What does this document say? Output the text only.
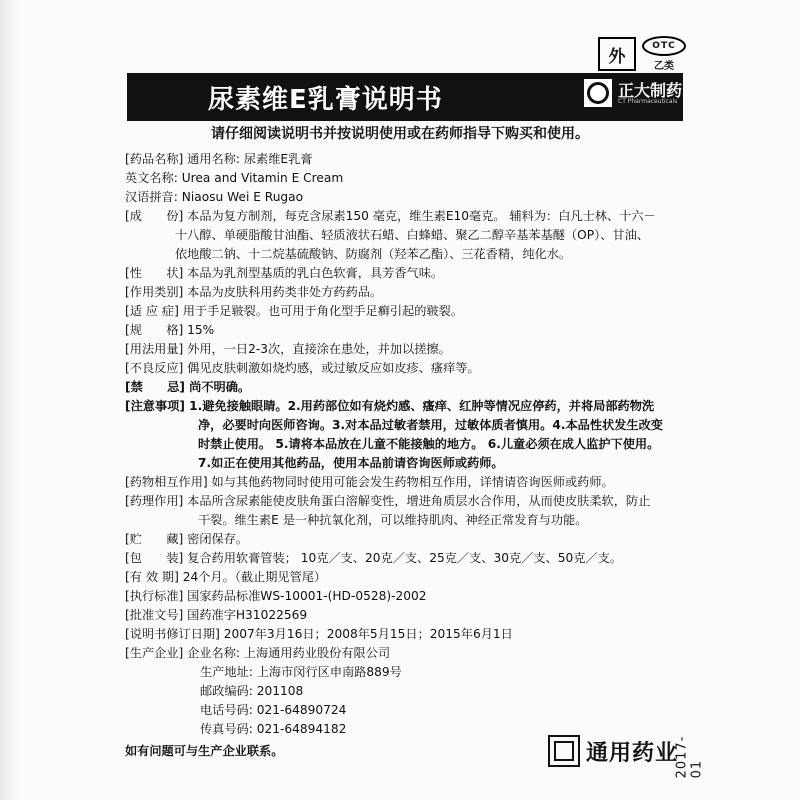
外
OTC
乙类
尿素维E乳膏说明书	正大制药
CT Pharmaceuticals
请仔细阅读说明书并按说明使用或在药师指导下购买和使用。
[药品名称] 通用名称: 尿素维E乳膏
英文名称: Urea and Vitamin E Cream
汉语拼音: Niaosu Wei E Rugao
[成　　份] 本品为复方制剂，每克含尿素150 毫克，维生素E10毫克。 辅料为：白凡士林、十六－
十八醇、单硬脂酸甘油酯、轻质液状石蜡、白蜂蜡、聚乙二醇辛基苯基醚（OP）、甘油、
依地酸二钠、十二烷基硫酸钠、防腐剂（羟苯乙酯）、三花香精，纯化水。
[性　　状] 本品为乳剂型基质的乳白色软膏，具芳香气味。
[作用类别] 本品为皮肤科用药类非处方药药品。
[适 应 症] 用于手足皲裂。也可用于角化型手足癣引起的皲裂。
[规　　格] 15%
[用法用量] 外用，一日2-3次，直接涂在患处，并加以搓擦。
[不良反应] 偶见皮肤刺激如烧灼感，或过敏反应如皮疹、瘙痒等。
[禁　　忌] 尚不明确。
[注意事项] 1.避免接触眼睛。2.用药部位如有烧灼感、瘙痒、红肿等情况应停药，并将局部药物洗
净，必要时向医师咨询。3.对本品过敏者禁用，过敏体质者慎用。4.本品性状发生改变
时禁止使用。 5.请将本品放在儿童不能接触的地方。 6.儿童必须在成人监护下使用。
7.如正在使用其他药品，使用本品前请咨询医师或药师。
[药物相互作用] 如与其他药物同时使用可能会发生药物相互作用，详情请咨询医师或药师。
[药理作用] 本品所含尿素能使皮肤角蛋白溶解变性，增进角质层水合作用，从而使皮肤柔软，防止
干裂。维生素E 是一种抗氧化剂，可以维持肌肉、神经正常发育与功能。
[贮　　藏] 密闭保存。
[包　　装] 复合药用软膏管装； 10克／支、20克／支、25克／支、30克／支、50克／支。
[有 效 期] 24个月。（截止期见管尾）
[执行标准] 国家药品标准WS-10001-(HD-0528)-2002
[批准文号] 国药准字H31022569
[说明书修订日期] 2007年3月16日；2008年5月15日；2015年6月1日
[生产企业] 企业名称: 上海通用药业股份有限公司
生产地址: 上海市闵行区申南路889号
邮政编码: 201108
电话号码: 021-64890724
传真号码: 021-64894182
如有问题可与生产企业联系。	通用药业
2017-01
